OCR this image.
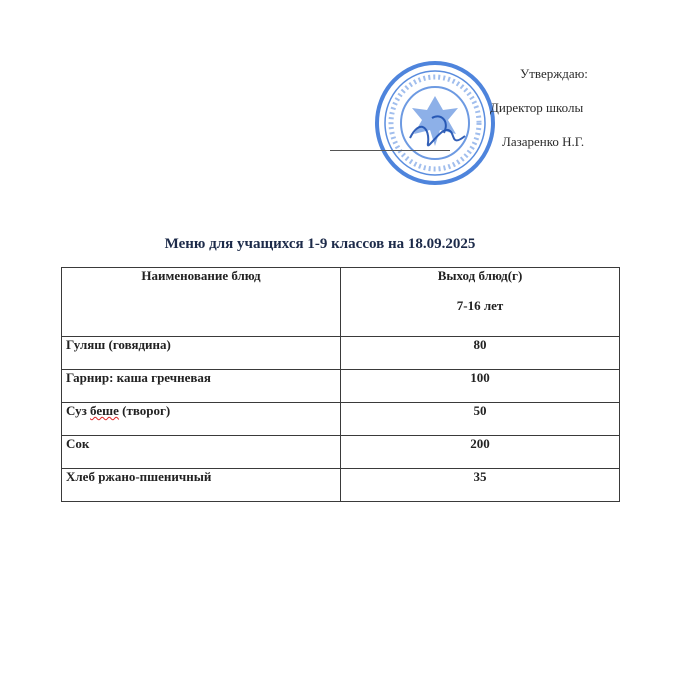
Утверждаю:
Директор школы
Лазаренко Н.Г.
Меню для учащихся 1-9 классов на 18.09.2025
Наименование блюд	Выход блюд(г)
7-16 лет

Гуляш (говядина)	80
Гарнир: каша гречневая	100
Суз беше (творог)	50
Сок	200
Хлеб ржано-пшеничный	35
